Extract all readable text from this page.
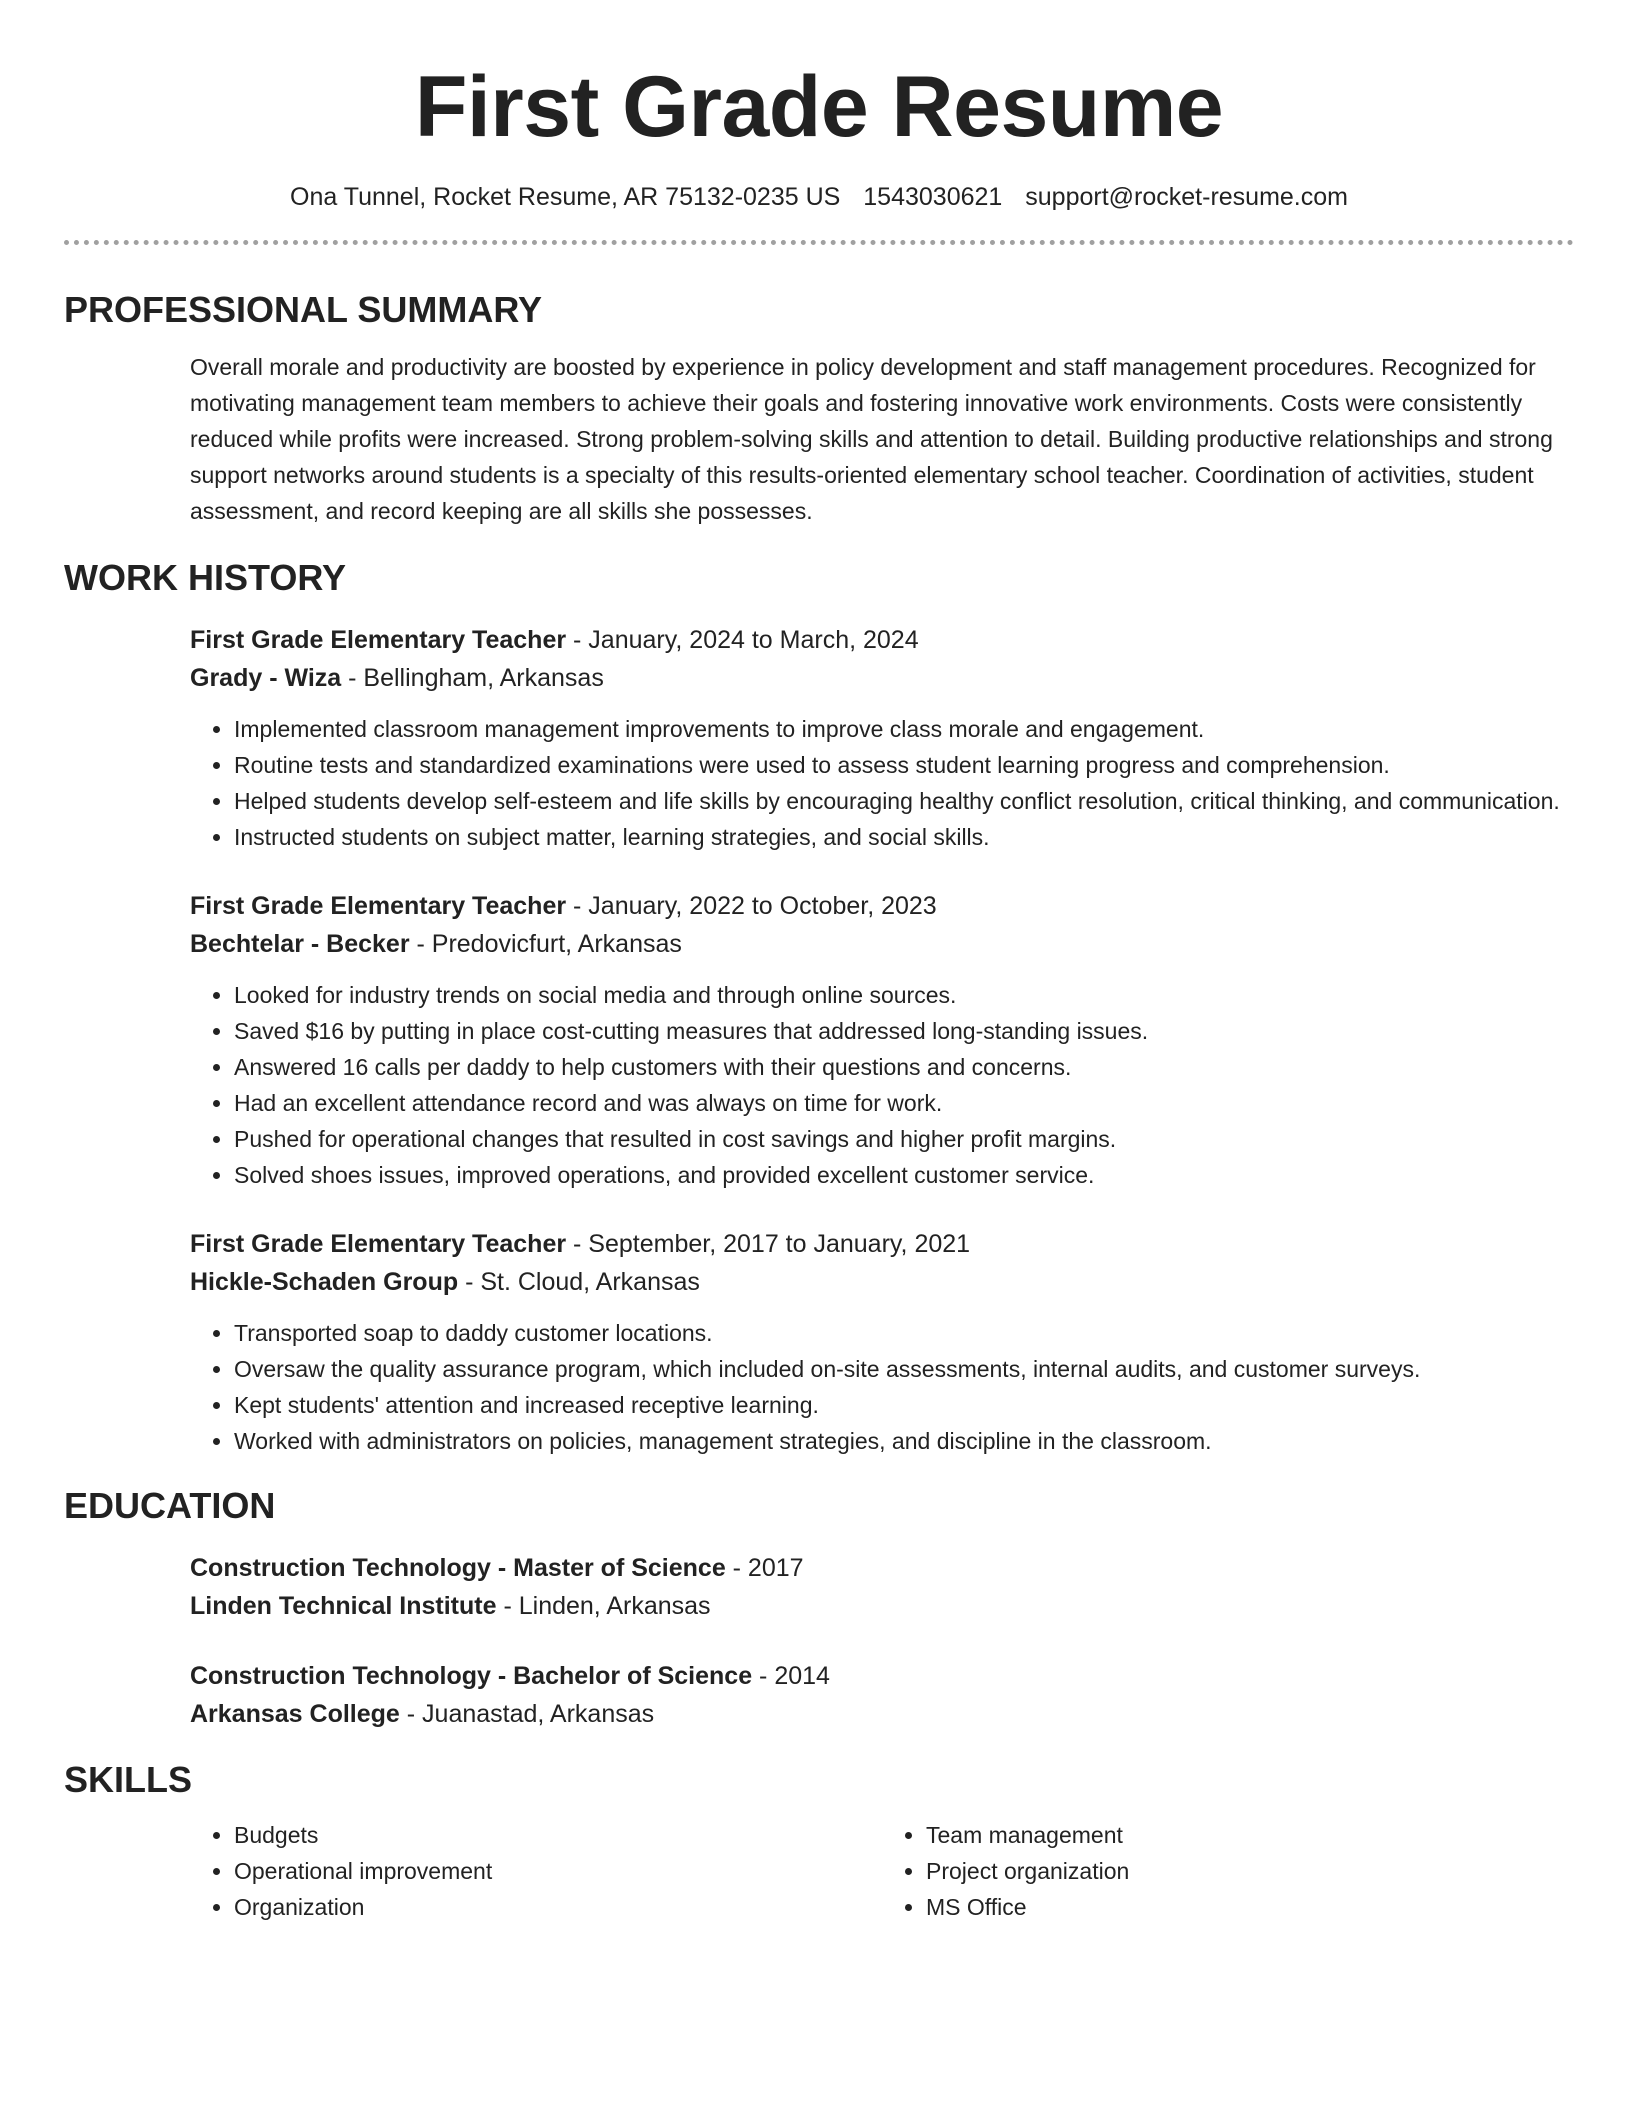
First Grade Resume
Ona Tunnel, Rocket Resume, AR 75132-0235 US 1543030621 support@rocket-resume.com
PROFESSIONAL SUMMARY

Overall morale and productivity are boosted by experience in policy development and staff management procedures. Recognized for motivating management team members to achieve their goals and fostering innovative work environments. Costs were consistently reduced while profits were increased. Strong problem-solving skills and attention to detail. Building productive relationships and strong support networks around students is a specialty of this results-oriented elementary school teacher. Coordination of activities, student assessment, and record keeping are all skills she possesses.

WORK HISTORY
First Grade Elementary Teacher - January, 2024 to March, 2024
Grady - Wiza - Bellingham, Arkansas
• Implemented classroom management improvements to improve class morale and engagement.
• Routine tests and standardized examinations were used to assess student learning progress and comprehension.
• Helped students develop self-esteem and life skills by encouraging healthy conflict resolution, critical thinking, and communication.
• Instructed students on subject matter, learning strategies, and social skills.
First Grade Elementary Teacher - January, 2022 to October, 2023
Bechtelar - Becker - Predovicfurt, Arkansas
• Looked for industry trends on social media and through online sources.
• Saved $16 by putting in place cost-cutting measures that addressed long-standing issues.
• Answered 16 calls per daddy to help customers with their questions and concerns.
• Had an excellent attendance record and was always on time for work.
• Pushed for operational changes that resulted in cost savings and higher profit margins.
• Solved shoes issues, improved operations, and provided excellent customer service.
First Grade Elementary Teacher - September, 2017 to January, 2021
Hickle-Schaden Group - St. Cloud, Arkansas
• Transported soap to daddy customer locations.
• Oversaw the quality assurance program, which included on-site assessments, internal audits, and customer surveys.
• Kept students' attention and increased receptive learning.
• Worked with administrators on policies, management strategies, and discipline in the classroom.
EDUCATION
Construction Technology - Master of Science - 2017
Linden Technical Institute - Linden, Arkansas
Construction Technology - Bachelor of Science - 2014
Arkansas College - Juanastad, Arkansas
SKILLS
• Budgets
• Operational improvement
• Organization
• Team management
• Project organization
• MS Office
